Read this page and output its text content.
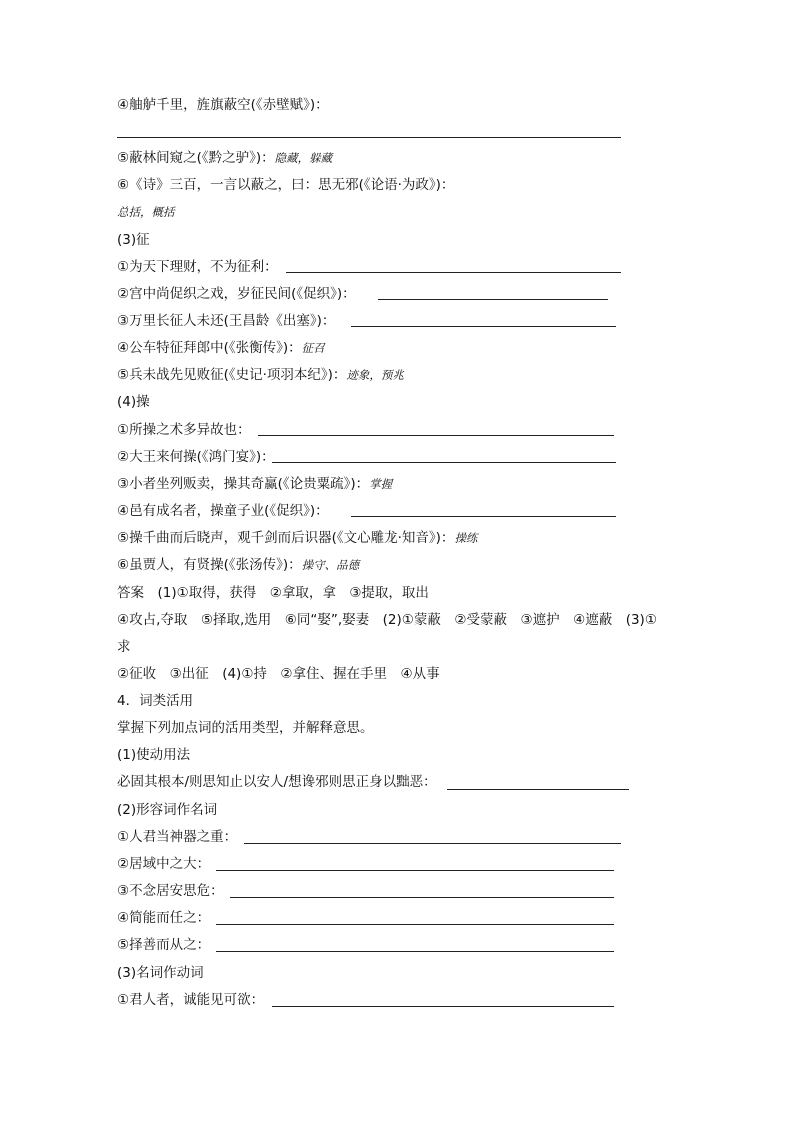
④舳舻千里，旌旗蔽空(《赤壁赋》)：
⑤蔽林间窥之(《黔之驴》)：隐藏，躲藏
⑥《诗》三百，一言以蔽之，曰：思无邪(《论语·为政》)：
总括，概括
(3)征
①为天下理财，不为征利：
②宫中尚促织之戏，岁征民间(《促织》)：
③万里长征人未还(王昌龄《出塞》)：
④公车特征拜郎中(《张衡传》)：征召
⑤兵未战先见败征(《史记·项羽本纪》)：迹象，预兆
(4)操
①所操之术多异故也：
②大王来何操(《鸿门宴》)：
③小者坐列贩卖，操其奇赢(《论贵粟疏》)：掌握
④邑有成名者，操童子业(《促织》)：
⑤操千曲而后晓声，观千剑而后识器(《文心雕龙·知音》)：操练
⑥虽贾人，有贤操(《张汤传》)：操守、品德
答案　(1)①取得，获得　②拿取，拿　③提取，取出
④攻占,夺取　⑤择取,选用　⑥同“娶”,娶妻　(2)①蒙蔽　②受蒙蔽　③遮护　④遮蔽　(3)①
求
②征收　③出征　(4)①持　②拿住、握在手里　④从事
4．词类活用
掌握下列加点词的活用类型，并解释意思。
(1)使动用法
必固其根本/则思知止以安人/想谗邪则思正身以黜恶：
(2)形容词作名词
①人君当神器之重：
②居域中之大：
③不念居安思危：
④简能而任之：
⑤择善而从之：
(3)名词作动词
①君人者，诚能见可欲：
